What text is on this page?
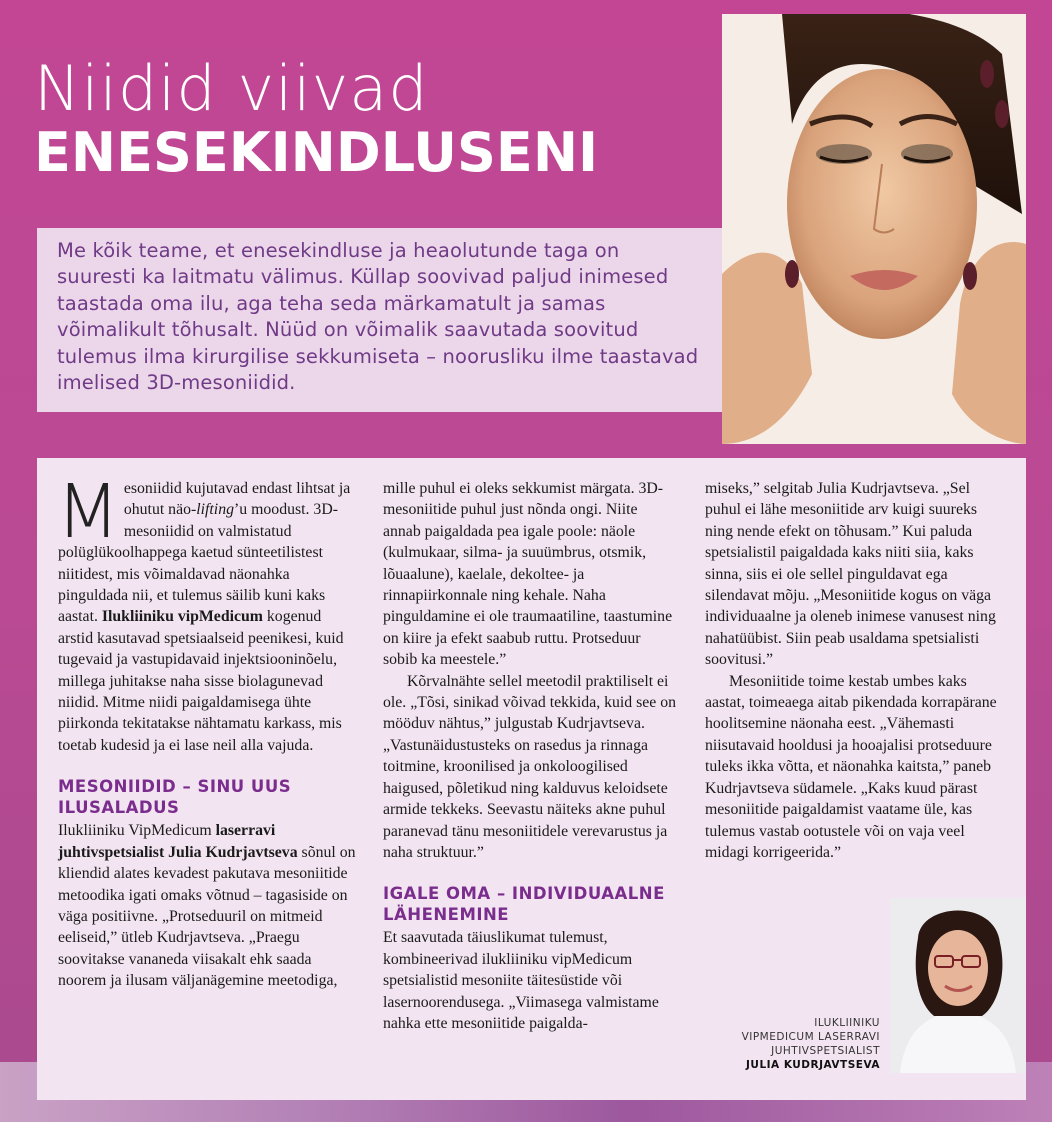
Niidid viivad
ENESEKINDLUSENI

Me kõik teame, et enesekindluse ja heaolutunde taga on suuresti ka laitmatu välimus. Küllap soovivad paljud inimesed taastada oma ilu, aga teha seda märkamatult ja samas võimalikult tõhusalt. Nüüd on võimalik saavutada soovitud tulemus ilma kirurgilise sekkumiseta – noorusliku ilme taastavad imelised 3D-mesoniidid.

Mesoniidid kujutavad endast lihtsat ja ohutut näo-lifting’u moodust. 3D-mesoniidid on valmistatud polüglükoolhappega kaetud sünteetilistest niitidest, mis võimaldavad näonahka pinguldada nii, et tulemus säilib kuni kaks aastat. Ilukliiniku vipMedicum kogenud arstid kasutavad spetsiaalseid peenikesi, kuid tugevaid ja vastupidavaid injektsiooninõelu, millega juhitakse naha sisse biolagunevad niidid. Mitme niidi paigaldamisega ühte piirkonda tekitatakse nähtamatu karkass, mis toetab kudesid ja ei lase neil alla vajuda.

MESONIIDID – SINU UUS ILUSALADUS

Ilukliiniku VipMedicum laserravi juhtivspetsialist Julia Kudrjavtseva sõnul on kliendid alates kevadest pakutava mesoniitide metoodika igati omaks võtnud – tagasiside on väga positiivne. „Protseduuril on mitmeid eeliseid,” ütleb Kudrjavtseva. „Praegu soovitakse vananeda viisakalt ehk saada noorem ja ilusam väljanägemine meetodiga,

mille puhul ei oleks sekkumist märgata. 3D-mesoniitide puhul just nõnda ongi. Niite annab paigaldada pea igale poole: näole (kulmukaar, silma- ja suuümbrus, otsmik, lõuaalune), kaelale, dekoltee- ja rinnapiirkonnale ning kehale. Naha pinguldamine ei ole traumaatiline, taastumine on kiire ja efekt saabub ruttu. Protseduur sobib ka meestele.”

Kõrvalnähte sellel meetodil praktiliselt ei ole. „Tõsi, sinikad võivad tekkida, kuid see on mööduv nähtus,” julgustab Kudrjavtseva. „Vastunäidustusteks on rasedus ja rinnaga toitmine, kroonilised ja onkoloogilised haigused, põletikud ning kalduvus keloidsete armide tekkeks. Seevastu näiteks akne puhul paranevad tänu mesoniitidele verevarustus ja naha struktuur.”

IGALE OMA – INDIVIDUAALNE LÄHENEMINE

Et saavutada täiuslikumat tulemust, kombineerivad ilukliiniku vipMedicum spetsialistid mesoniite täitesüstide või lasernoorendusega. „Viimasega valmistame nahka ette mesoniitide paigalda-

miseks,” selgitab Julia Kudrjavtseva. „Sel puhul ei lähe mesoniitide arv kuigi suureks ning nende efekt on tõhusam.” Kui paluda spetsialistil paigaldada kaks niiti siia, kaks sinna, siis ei ole sellel pinguldavat ega silendavat mõju. „Mesoniitide kogus on väga individuaalne ja oleneb inimese vanusest ning nahatüübist. Siin peab usaldama spetsialisti soovitusi.”

Mesoniitide toime kestab umbes kaks aastat, toimeaega aitab pikendada korrapärane hoolitsemine näonaha eest. „Vähemasti niisutavaid hooldusi ja hooajalisi protseduure tuleks ikka võtta, et näonahka kaitsta,” paneb Kudrjavtseva südamele. „Kaks kuud pärast mesoniitide paigaldamist vaatame üle, kas tulemus vastab ootustele või on vaja veel midagi korrigeerida.”

ILUKLIINIKU
VIPMEDICUM LASERRAVI
JUHTIVSPETSIALIST
JULIA KUDRJAVTSEVA
